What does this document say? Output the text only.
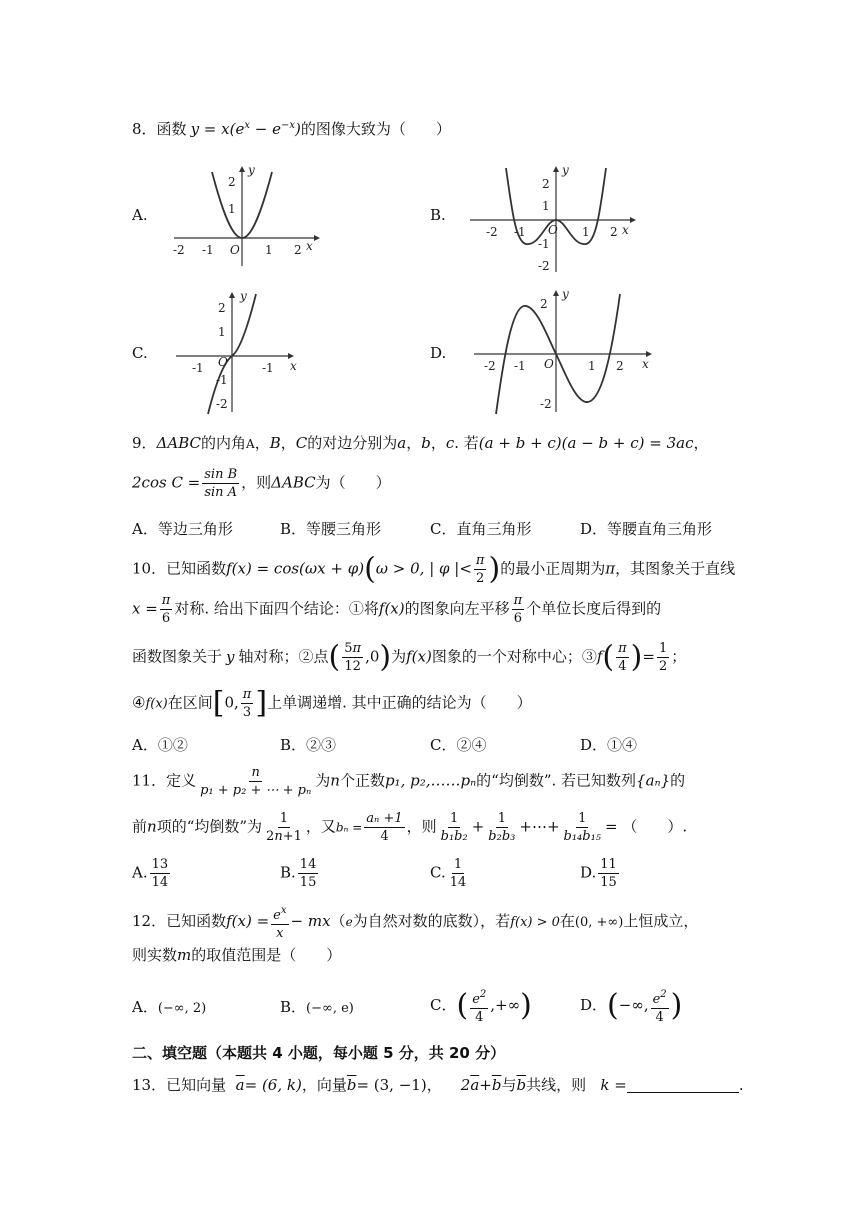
8．函数 $y = x(e^x - e^{-x})$的图像大致为（　　）
A.	B.
C.	D.
y
x
O
-2 -1	1 2
1
2
y
x
O
-2 -1	1 2
2
1
-1
-2
y
x
O
-1	-1
2
1
-1
-2
y
x
O
-2 -1	1 2
2
-2
9．ΔABC的内角A，B，C的对边分别为a，b，c. 若(a + b + c)(a − b + c) = 3ac，
2cos $C = \frac{\text{sin B}}{\text{sin A}}$ ，则ΔABC为（　　）
A．等边三角形	B．等腰三角形	C．直角三角形	D．等腰直角三角形
10．已知函数f(x) = cos(ωx + φ)(ω > 0, | φ |< $\frac{\pi}{2}$ )的最小正周期为π，其图象关于直线
$x = \frac{\pi}{6}$ 对称. 给出下面四个结论：①将f(x)的图象向左平移 $\frac{\pi}{6}$ 个单位长度后得到的
函数图象关于 y 轴对称；②点( $\frac{5\pi}{12} ,0$)为f(x)图象的一个对称中心；③f( $\frac{\pi}{4}$ )= $\frac{1}{2}$ ；
④f(x)在区间[0, $\frac{\pi}{3}$ ]上单调递增. 其中正确的结论为（　　）
A．①②	B．②③	C．②④	D．①④
11．定义 $\frac{n}{\text{p₁ + p₂ + ⋯ + pₙ}}$ 为n个正数p₁, p₂,……pₙ的“均倒数”. 若已知数列{aₙ}的
前n项的“均倒数”为 $\frac{1}{2n+1}$ ，又$b_n = \frac{\text{aₙ +1}}{4}$ ，则 $\frac{1}{\text{b₁b₂}} + \frac{1}{\text{b₂b₃}}$ +⋯+ $\frac{1}{\text{b₁₄b₁₅}}$ = （　　）.
A. $\frac{13}{14}$	B. $\frac{14}{15}$	C. $\frac{1}{14}$	D. $\frac{11}{15}$
12．已知函数$f(x) = \frac{e^x}{x} - mx(e$为自然对数的底数），若f(x) > 0在(0, +∞)上恒成立，
则实数m的取值范围是（　　）
A．(−∞, 2)	B．(−∞, e)	C．( $\frac{e^2}{4}$ ,+∞)	D．(−∞, $\frac{e^2}{4}$ )
二、填空题（本题共 4 小题，每小题 5 分，共 20 分）
13．已知向量 $\overline{a}= (6$, k)，向量$\overline{b}= (3$, −1)， $2\overline{a}+\overline{b}$与$\overline{b}$共线，则 k =	.
